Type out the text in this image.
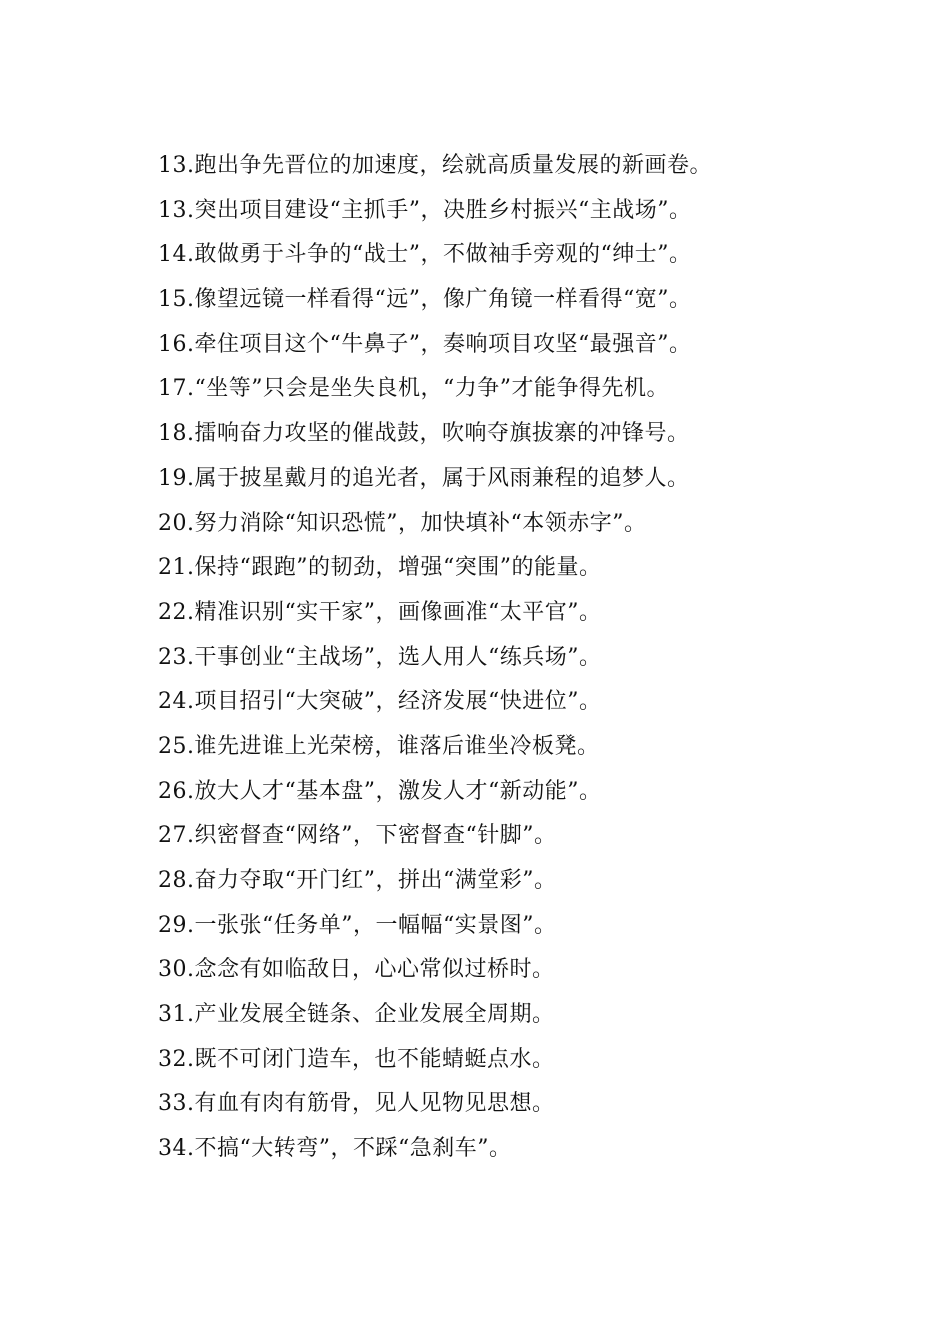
13.跑出争先晋位的加速度，绘就高质量发展的新画卷。
13.突出项目建设“主抓手”，决胜乡村振兴“主战场”。
14.敢做勇于斗争的“战士”，不做袖手旁观的“绅士”。
15.像望远镜一样看得“远”，像广角镜一样看得“宽”。
16.牵住项目这个“牛鼻子”，奏响项目攻坚“最强音”。
17.“坐等”只会是坐失良机，“力争”才能争得先机。
18.擂响奋力攻坚的催战鼓，吹响夺旗拔寨的冲锋号。
19.属于披星戴月的追光者，属于风雨兼程的追梦人。
20.努力消除“知识恐慌”，加快填补“本领赤字”。
21.保持“跟跑”的韧劲，增强“突围”的能量。
22.精准识别“实干家”，画像画准“太平官”。
23.干事创业“主战场”，选人用人“练兵场”。
24.项目招引“大突破”，经济发展“快进位”。
25.谁先进谁上光荣榜，谁落后谁坐冷板凳。
26.放大人才“基本盘”，激发人才“新动能”。
27.织密督查“网络”，下密督查“针脚”。
28.奋力夺取“开门红”，拼出“满堂彩”。
29.一张张“任务单”，一幅幅“实景图”。
30.念念有如临敌日，心心常似过桥时。
31.产业发展全链条、企业发展全周期。
32.既不可闭门造车，也不能蜻蜓点水。
33.有血有肉有筋骨，见人见物见思想。
34.不搞“大转弯”，不踩“急刹车”。
